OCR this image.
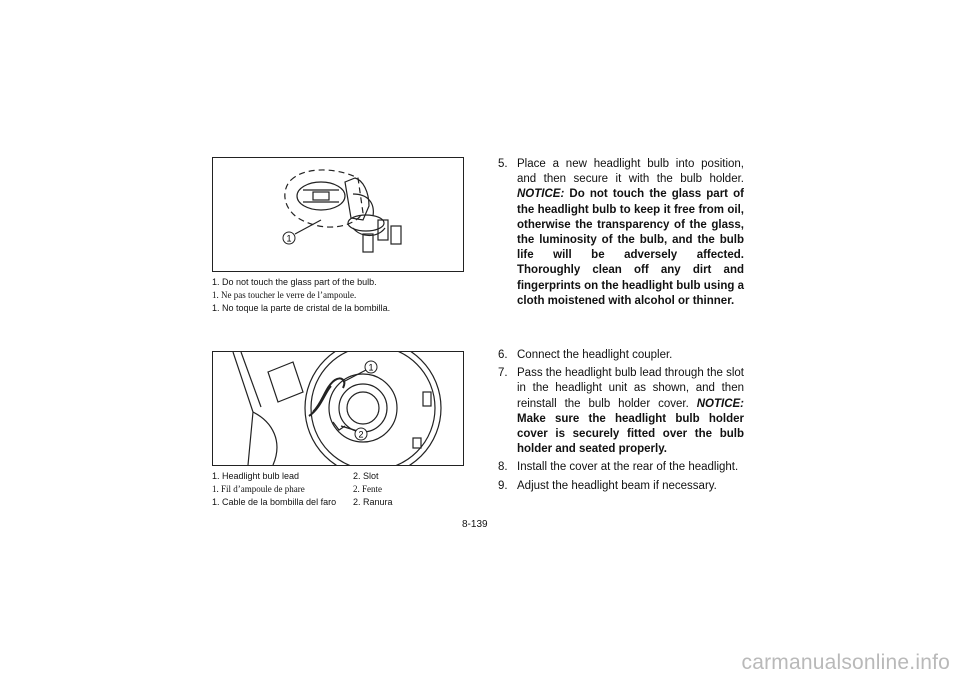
1
1. Do not touch the glass part of the bulb.
1. Ne pas toucher le verre de l’ampoule.
1. No toque la parte de cristal de la bombilla.
1
2
1. Headlight bulb lead	2. Slot
1. Fil d’ampoule de phare	2. Fente
1. Cable de la bombilla del faro 2. Ranura
5. Place a new headlight bulb into position, and then secure it with the bulb holder. NOTICE: Do not touch the glass part of the headlight bulb to keep it free from oil, otherwise the transparency of the glass, the luminosity of the bulb, and the bulb life will be adversely affected. Thoroughly clean off any dirt and fingerprints on the headlight bulb using a cloth moistened with alcohol or thinner.
6. Connect the headlight coupler.
7. Pass the headlight bulb lead through the slot in the headlight unit as shown, and then reinstall the bulb holder cover. NOTICE: Make sure the headlight bulb holder cover is securely fitted over the bulb holder and seated properly.
8. Install the cover at the rear of the headlight.
9. Adjust the headlight beam if necessary.
8-139
carmanualsonline.info
